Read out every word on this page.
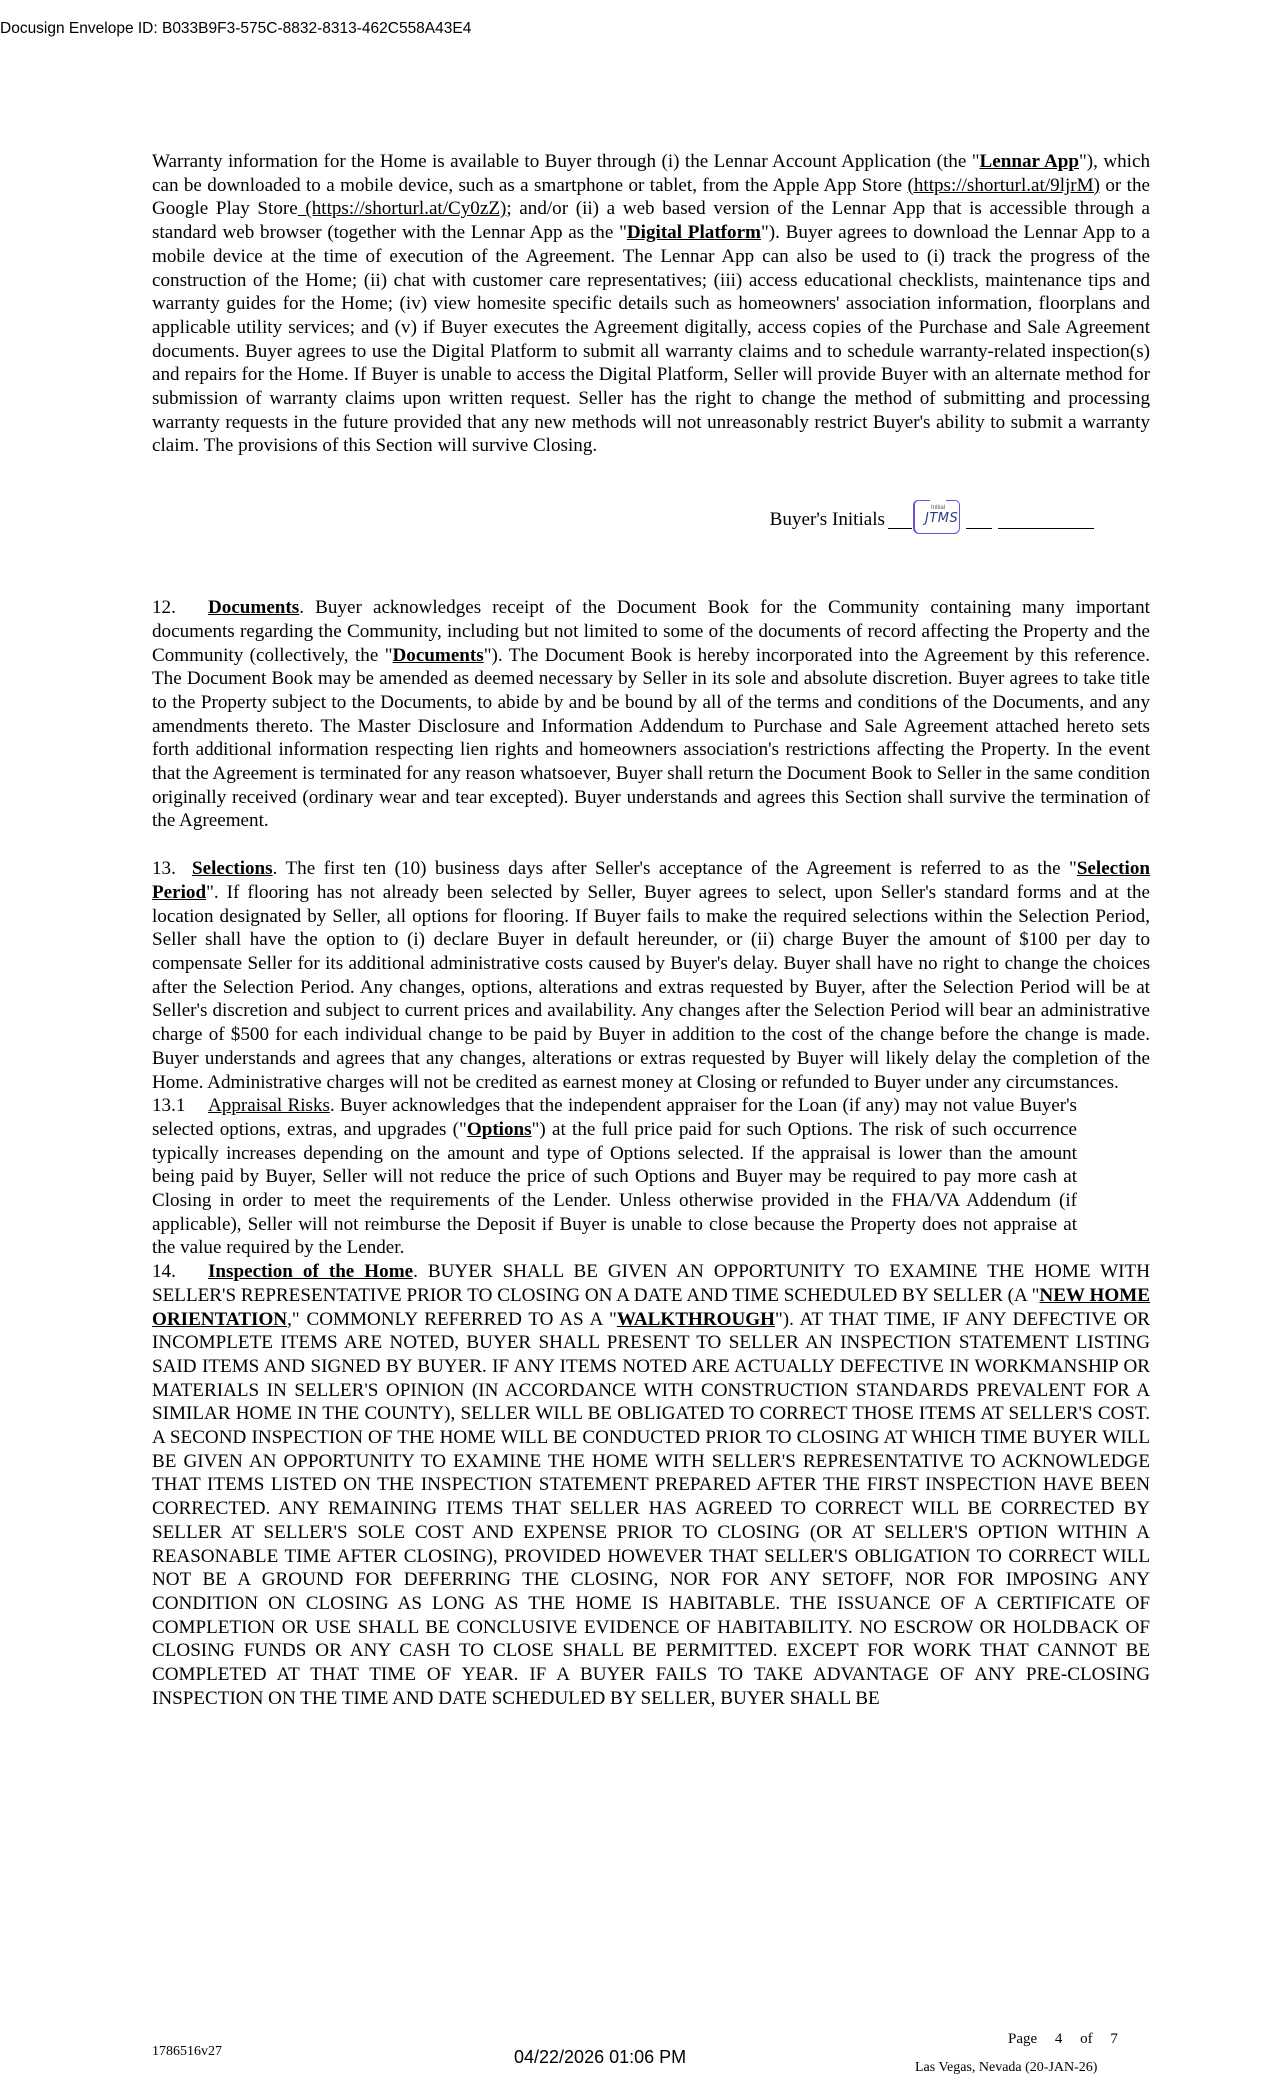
Docusign Envelope ID: B033B9F3-575C-8832-8313-462C558A43E4

Warranty information for the Home is available to Buyer through (i) the Lennar Account Application (the "Lennar App"), which can be downloaded to a mobile device, such as a smartphone or tablet, from the Apple App Store (https://shorturl.at/9ljrM) or the Google Play Store (https://shorturl.at/Cy0zZ); and/or (ii) a web based version of the Lennar App that is accessible through a standard web browser (together with the Lennar App as the "Digital Platform"). Buyer agrees to download the Lennar App to a mobile device at the time of execution of the Agreement. The Lennar App can also be used to (i) track the progress of the construction of the Home; (ii) chat with customer care representatives; (iii) access educational checklists, maintenance tips and warranty guides for the Home; (iv) view homesite specific details such as homeowners' association information, floorplans and applicable utility services; and (v) if Buyer executes the Agreement digitally, access copies of the Purchase and Sale Agreement documents. Buyer agrees to use the Digital Platform to submit all warranty claims and to schedule warranty-related inspection(s) and repairs for the Home. If Buyer is unable to access the Digital Platform, Seller will provide Buyer with an alternate method for submission of warranty claims upon written request. Seller has the right to change the method of submitting and processing warranty requests in the future provided that any new methods will not unreasonably restrict Buyer's ability to submit a warranty claim. The provisions of this Section will survive Closing.

Buyer's Initials
Initial
JTMS

12. Documents. Buyer acknowledges receipt of the Document Book for the Community containing many important documents regarding the Community, including but not limited to some of the documents of record affecting the Property and the Community (collectively, the "Documents"). The Document Book is hereby incorporated into the Agreement by this reference. The Document Book may be amended as deemed necessary by Seller in its sole and absolute discretion. Buyer agrees to take title to the Property subject to the Documents, to abide by and be bound by all of the terms and conditions of the Documents, and any amendments thereto. The Master Disclosure and Information Addendum to Purchase and Sale Agreement attached hereto sets forth additional information respecting lien rights and homeowners association's restrictions affecting the Property. In the event that the Agreement is terminated for any reason whatsoever, Buyer shall return the Document Book to Seller in the same condition originally received (ordinary wear and tear excepted). Buyer understands and agrees this Section shall survive the termination of the Agreement.

13. Selections. The first ten (10) business days after Seller's acceptance of the Agreement is referred to as the "Selection Period". If flooring has not already been selected by Seller, Buyer agrees to select, upon Seller's standard forms and at the location designated by Seller, all options for flooring. If Buyer fails to make the required selections within the Selection Period, Seller shall have the option to (i) declare Buyer in default hereunder, or (ii) charge Buyer the amount of $100 per day to compensate Seller for its additional administrative costs caused by Buyer's delay. Buyer shall have no right to change the choices after the Selection Period. Any changes, options, alterations and extras requested by Buyer, after the Selection Period will be at Seller's discretion and subject to current prices and availability. Any changes after the Selection Period will bear an administrative charge of $500 for each individual change to be paid by Buyer in addition to the cost of the change before the change is made. Buyer understands and agrees that any changes, alterations or extras requested by Buyer will likely delay the completion of the Home. Administrative charges will not be credited as earnest money at Closing or refunded to Buyer under any circumstances.

13.1 Appraisal Risks. Buyer acknowledges that the independent appraiser for the Loan (if any) may not value Buyer's selected options, extras, and upgrades ("Options") at the full price paid for such Options. The risk of such occurrence typically increases depending on the amount and type of Options selected. If the appraisal is lower than the amount being paid by Buyer, Seller will not reduce the price of such Options and Buyer may be required to pay more cash at Closing in order to meet the requirements of the Lender. Unless otherwise provided in the FHA/VA Addendum (if applicable), Seller will not reimburse the Deposit if Buyer is unable to close because the Property does not appraise at the value required by the Lender.

14. Inspection of the Home. BUYER SHALL BE GIVEN AN OPPORTUNITY TO EXAMINE THE HOME WITH SELLER'S REPRESENTATIVE PRIOR TO CLOSING ON A DATE AND TIME SCHEDULED BY SELLER (A "NEW HOME ORIENTATION," COMMONLY REFERRED TO AS A "WALKTHROUGH"). AT THAT TIME, IF ANY DEFECTIVE OR INCOMPLETE ITEMS ARE NOTED, BUYER SHALL PRESENT TO SELLER AN INSPECTION STATEMENT LISTING SAID ITEMS AND SIGNED BY BUYER. IF ANY ITEMS NOTED ARE ACTUALLY DEFECTIVE IN WORKMANSHIP OR MATERIALS IN SELLER'S OPINION (IN ACCORDANCE WITH CONSTRUCTION STANDARDS PREVALENT FOR A SIMILAR HOME IN THE COUNTY), SELLER WILL BE OBLIGATED TO CORRECT THOSE ITEMS AT SELLER'S COST. A SECOND INSPECTION OF THE HOME WILL BE CONDUCTED PRIOR TO CLOSING AT WHICH TIME BUYER WILL BE GIVEN AN OPPORTUNITY TO EXAMINE THE HOME WITH SELLER'S REPRESENTATIVE TO ACKNOWLEDGE THAT ITEMS LISTED ON THE INSPECTION STATEMENT PREPARED AFTER THE FIRST INSPECTION HAVE BEEN CORRECTED. ANY REMAINING ITEMS THAT SELLER HAS AGREED TO CORRECT WILL BE CORRECTED BY SELLER AT SELLER'S SOLE COST AND EXPENSE PRIOR TO CLOSING (OR AT SELLER'S OPTION WITHIN A REASONABLE TIME AFTER CLOSING), PROVIDED HOWEVER THAT SELLER'S OBLIGATION TO CORRECT WILL NOT BE A GROUND FOR DEFERRING THE CLOSING, NOR FOR ANY SETOFF, NOR FOR IMPOSING ANY CONDITION ON CLOSING AS LONG AS THE HOME IS HABITABLE. THE ISSUANCE OF A CERTIFICATE OF COMPLETION OR USE SHALL BE CONCLUSIVE EVIDENCE OF HABITABILITY. NO ESCROW OR HOLDBACK OF CLOSING FUNDS OR ANY CASH TO CLOSE SHALL BE PERMITTED. EXCEPT FOR WORK THAT CANNOT BE COMPLETED AT THAT TIME OF YEAR. IF A BUYER FAILS TO TAKE ADVANTAGE OF ANY PRE-CLOSING INSPECTION ON THE TIME AND DATE SCHEDULED BY SELLER, BUYER SHALL BE

1786516v27	04/22/2026 01:06 PM
Page 4 of 7
Las Vegas, Nevada (20-JAN-26)
